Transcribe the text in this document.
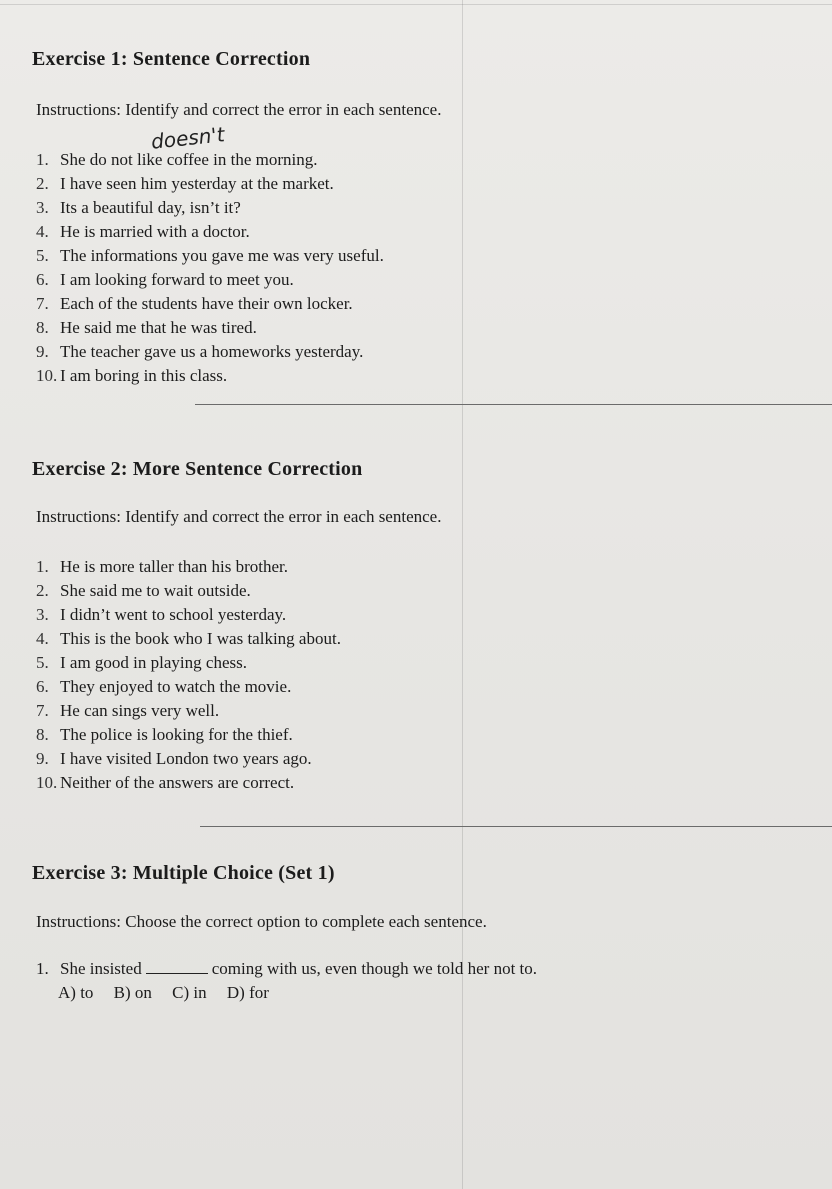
Exercise 1: Sentence Correction
Instructions: Identify and correct the error in each sentence.
doesn't
1. She do not like coffee in the morning.
2. I have seen him yesterday at the market.
3. Its a beautiful day, isn’t it?
4. He is married with a doctor.
5. The informations you gave me was very useful.
6. I am looking forward to meet you.
7. Each of the students have their own locker.
8. He said me that he was tired.
9. The teacher gave us a homeworks yesterday.
10. I am boring in this class.
Exercise 2: More Sentence Correction
Instructions: Identify and correct the error in each sentence.
1. He is more taller than his brother.
2. She said me to wait outside.
3. I didn’t went to school yesterday.
4. This is the book who I was talking about.
5. I am good in playing chess.
6. They enjoyed to watch the movie.
7. He can sings very well.
8. The police is looking for the thief.
9. I have visited London two years ago.
10. Neither of the answers are correct.
Exercise 3: Multiple Choice (Set 1)
Instructions: Choose the correct option to complete each sentence.
1. She insisted	coming with us, even though we told her not to.
A) to B) on C) in D) for
